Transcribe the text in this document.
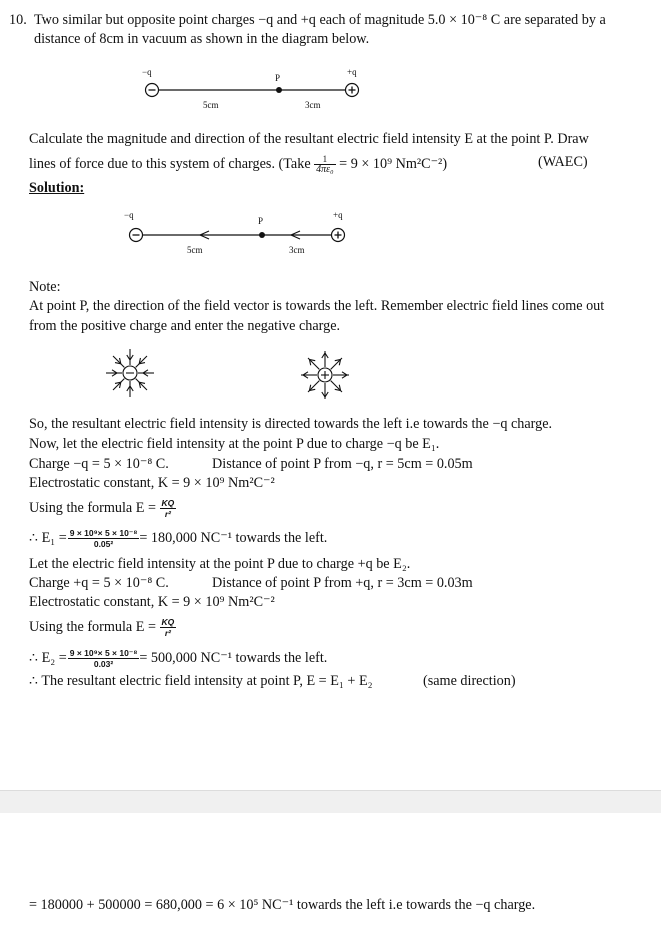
10. Two similar but opposite point charges −q and +q each of magnitude 5.0 × 10⁻⁸ C are separated by a
distance of 8cm in vacuum as shown in the diagram below.
−q
P
+q
5cm	3cm
Calculate the magnitude and direction of the resultant electric field intensity E at the point P. Draw
lines of force due to this system of charges. (Take $\frac{1}{\text{4πε₀}} = 9 \times 10^9$ Nm²C⁻²)	(WAEC)
Solution:
−q
P
+q
5cm	3cm
Note:
At point P, the direction of the field vector is towards the left. Remember electric field lines come out
from the positive charge and enter the negative charge.
So, the resultant electric field intensity is directed towards the left i.e towards the −q charge.
Now, let the electric field intensity at the point P due to charge −q be E₁.
Charge −q = 5 × 10⁻⁸ C.	Distance of point P from −q, r = 5cm = 0.05m
Electrostatic constant, K = 9 × 10⁹ Nm²C⁻²
Using the formula $E = \frac{KQ}{\text{r²}}$
∴ $E_1 = \frac{\text{9 × 10⁹× 5 × 10⁻⁸}}{\text{0.05²}} = 180,000$ NC⁻¹ towards the left.
Let the electric field intensity at the point P due to charge +q be E₂.
Charge +q = 5 × 10⁻⁸ C.	Distance of point P from +q, r = 3cm = 0.03m
Electrostatic constant, K = 9 × 10⁹ Nm²C⁻²
Using the formula $E = \frac{KQ}{\text{r²}}$
∴ $E_2 = \frac{\text{9 × 10⁹× 5 × 10⁻⁸}}{\text{0.03²}} = 500,000$ NC⁻¹ towards the left.
∴ The resultant electric field intensity at point P, E = E₁ + E₂	(same direction)
= 180000 + 500000 = 680,000 = 6 × 10⁵ NC⁻¹ towards the left i.e towards the −q charge.
